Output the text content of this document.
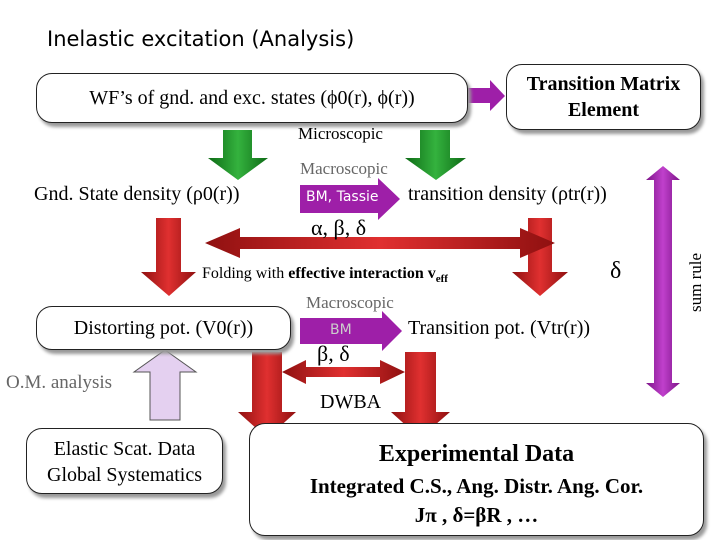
Inelastic excitation (Analysis)
WF’s of gnd. and exc. states (ϕ0(r), ϕ(r))
Transition Matrix
Element
Microscopic
Macroscopic
Gnd. State density (ρ0(r))	BM, Tassie transition density (ρtr(r))
α, β, δ
Folding with effective interaction $v_{eff}$	δ	sum rule
Macroscopic
Distorting pot. (V0(r))	BM
β, δ
Transition pot. (Vtr(r))
O.M. analysis
DWBA
Elastic Scat. Data
Global Systematics
Experimental Data
Integrated C.S., Ang. Distr. Ang. Cor.
Jπ , δ=βR , …
